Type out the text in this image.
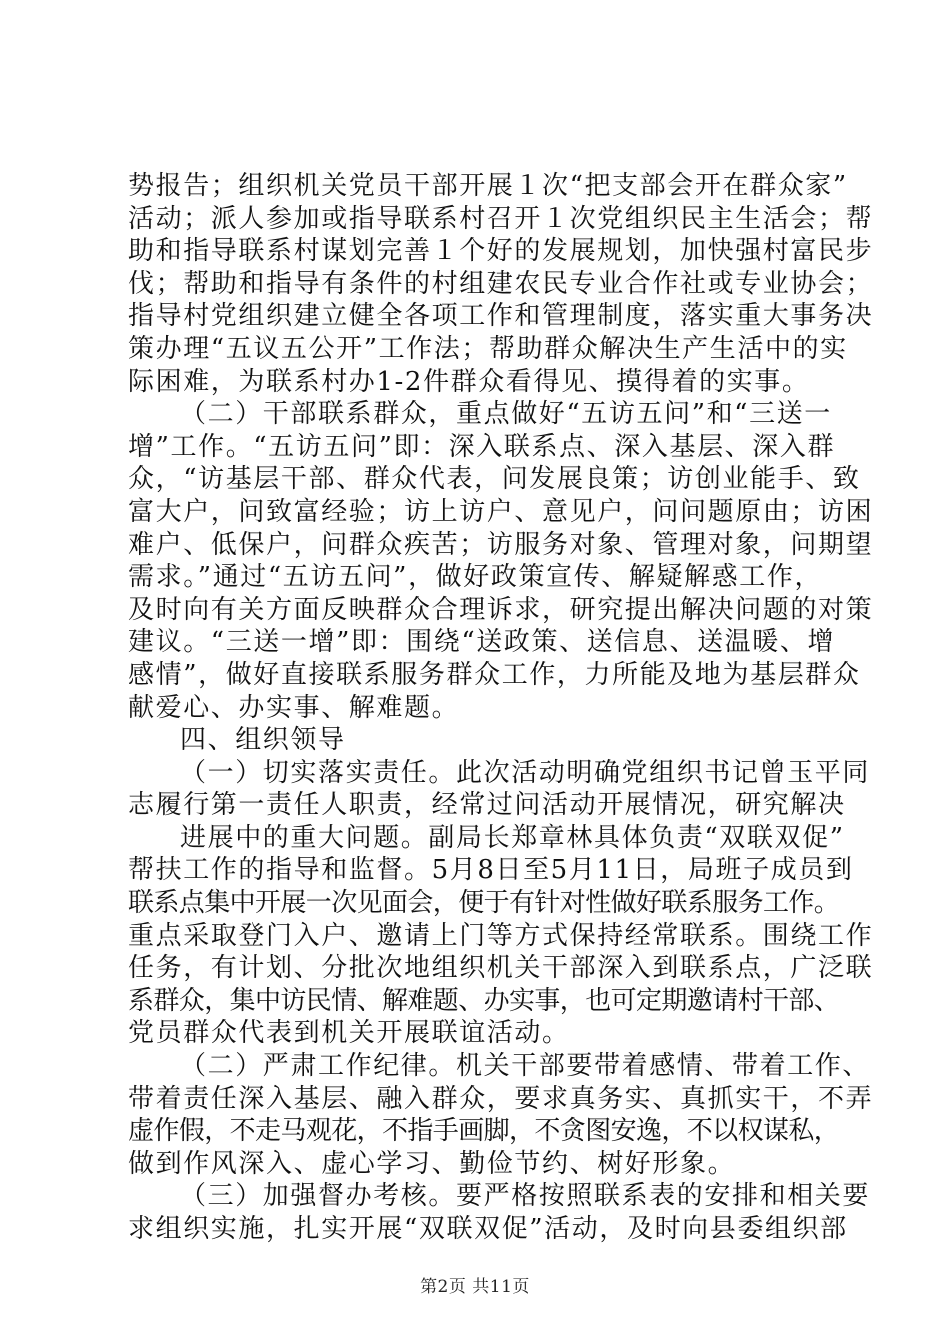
势报告；组织机关党员干部开展１次“把支部会开在群众家”
活动；派人参加或指导联系村召开１次党组织民主生活会；帮
助和指导联系村谋划完善１个好的发展规划，加快强村富民步
伐；帮助和指导有条件的村组建农民专业合作社或专业协会；
指导村党组织建立健全各项工作和管理制度，落实重大事务决
策办理“五议五公开”工作法；帮助群众解决生产生活中的实
际困难，为联系村办1-2件群众看得见、摸得着的实事。
（二）干部联系群众，重点做好“五访五问”和“三送一
增”工作。“五访五问”即：深入联系点、深入基层、深入群
众，“访基层干部、群众代表，问发展良策；访创业能手、致
富大户，问致富经验；访上访户、意见户，问问题原由；访困
难户、低保户，问群众疾苦；访服务对象、管理对象，问期望
需求。”通过“五访五问”，做好政策宣传、解疑解惑工作，
及时向有关方面反映群众合理诉求，研究提出解决问题的对策
建议。“三送一增”即：围绕“送政策、送信息、送温暖、增
感情”，做好直接联系服务群众工作，力所能及地为基层群众
献爱心、办实事、解难题。
四、组织领导
（一）切实落实责任。此次活动明确党组织书记曾玉平同
志履行第一责任人职责，经常过问活动开展情况，研究解决
进展中的重大问题。副局长郑章林具体负责“双联双促”
帮扶工作的指导和监督。5月8日至5月11日，局班子成员到
联系点集中开展一次见面会，便于有针对性做好联系服务工作。
重点采取登门入户、邀请上门等方式保持经常联系。围绕工作
任务，有计划、分批次地组织机关干部深入到联系点，广泛联
系群众，集中访民情、解难题、办实事，也可定期邀请村干部、
党员群众代表到机关开展联谊活动。
（二）严肃工作纪律。机关干部要带着感情、带着工作、
带着责任深入基层、融入群众，要求真务实、真抓实干，不弄
虚作假，不走马观花，不指手画脚，不贪图安逸，不以权谋私，
做到作风深入、虚心学习、勤俭节约、树好形象。
（三）加强督办考核。要严格按照联系表的安排和相关要
求组织实施，扎实开展“双联双促”活动，及时向县委组织部
第2页 共11页
